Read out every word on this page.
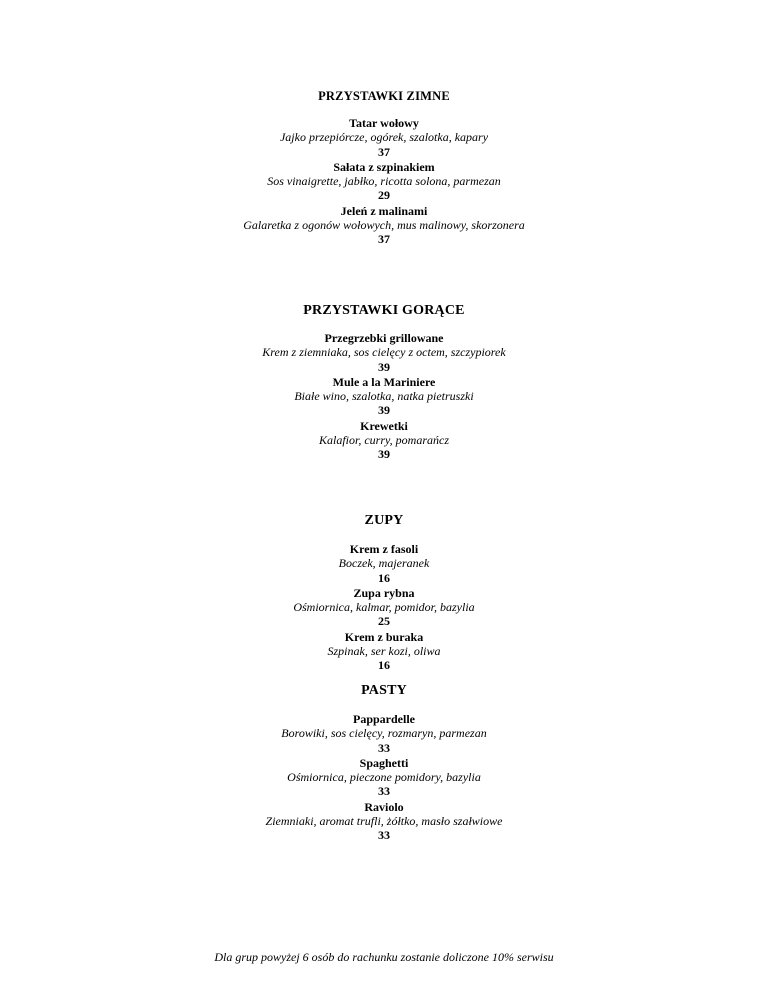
PRZYSTAWKI ZIMNE
Tatar wołowy
Jajko przepiórcze, ogórek, szalotka, kapary
37
Sałata z szpinakiem
Sos vinaigrette, jabłko, ricotta solona, parmezan
29
Jeleń z malinami
Galaretka z ogonów wołowych, mus malinowy, skorzonera
37
PRZYSTAWKI GORĄCE
Przegrzebki grillowane
Krem z ziemniaka, sos cielęcy z octem, szczypiorek
39
Mule a la Mariniere
Białe wino, szalotka, natka pietruszki
39
Krewetki
Kalafior, curry, pomarańcz
39
ZUPY
Krem z fasoli
Boczek, majeranek
16
Zupa rybna
Ośmiornica, kalmar, pomidor, bazylia
25
Krem z buraka
Szpinak, ser kozi, oliwa
16
PASTY
Pappardelle
Borowiki, sos cielęcy, rozmaryn, parmezan
33
Spaghetti
Ośmiornica, pieczone pomidory, bazylia
33
Raviolo
Ziemniaki, aromat trufli, żółtko, masło szałwiowe
33

Dla grup powyżej 6 osób do rachunku zostanie doliczone 10% serwisu
